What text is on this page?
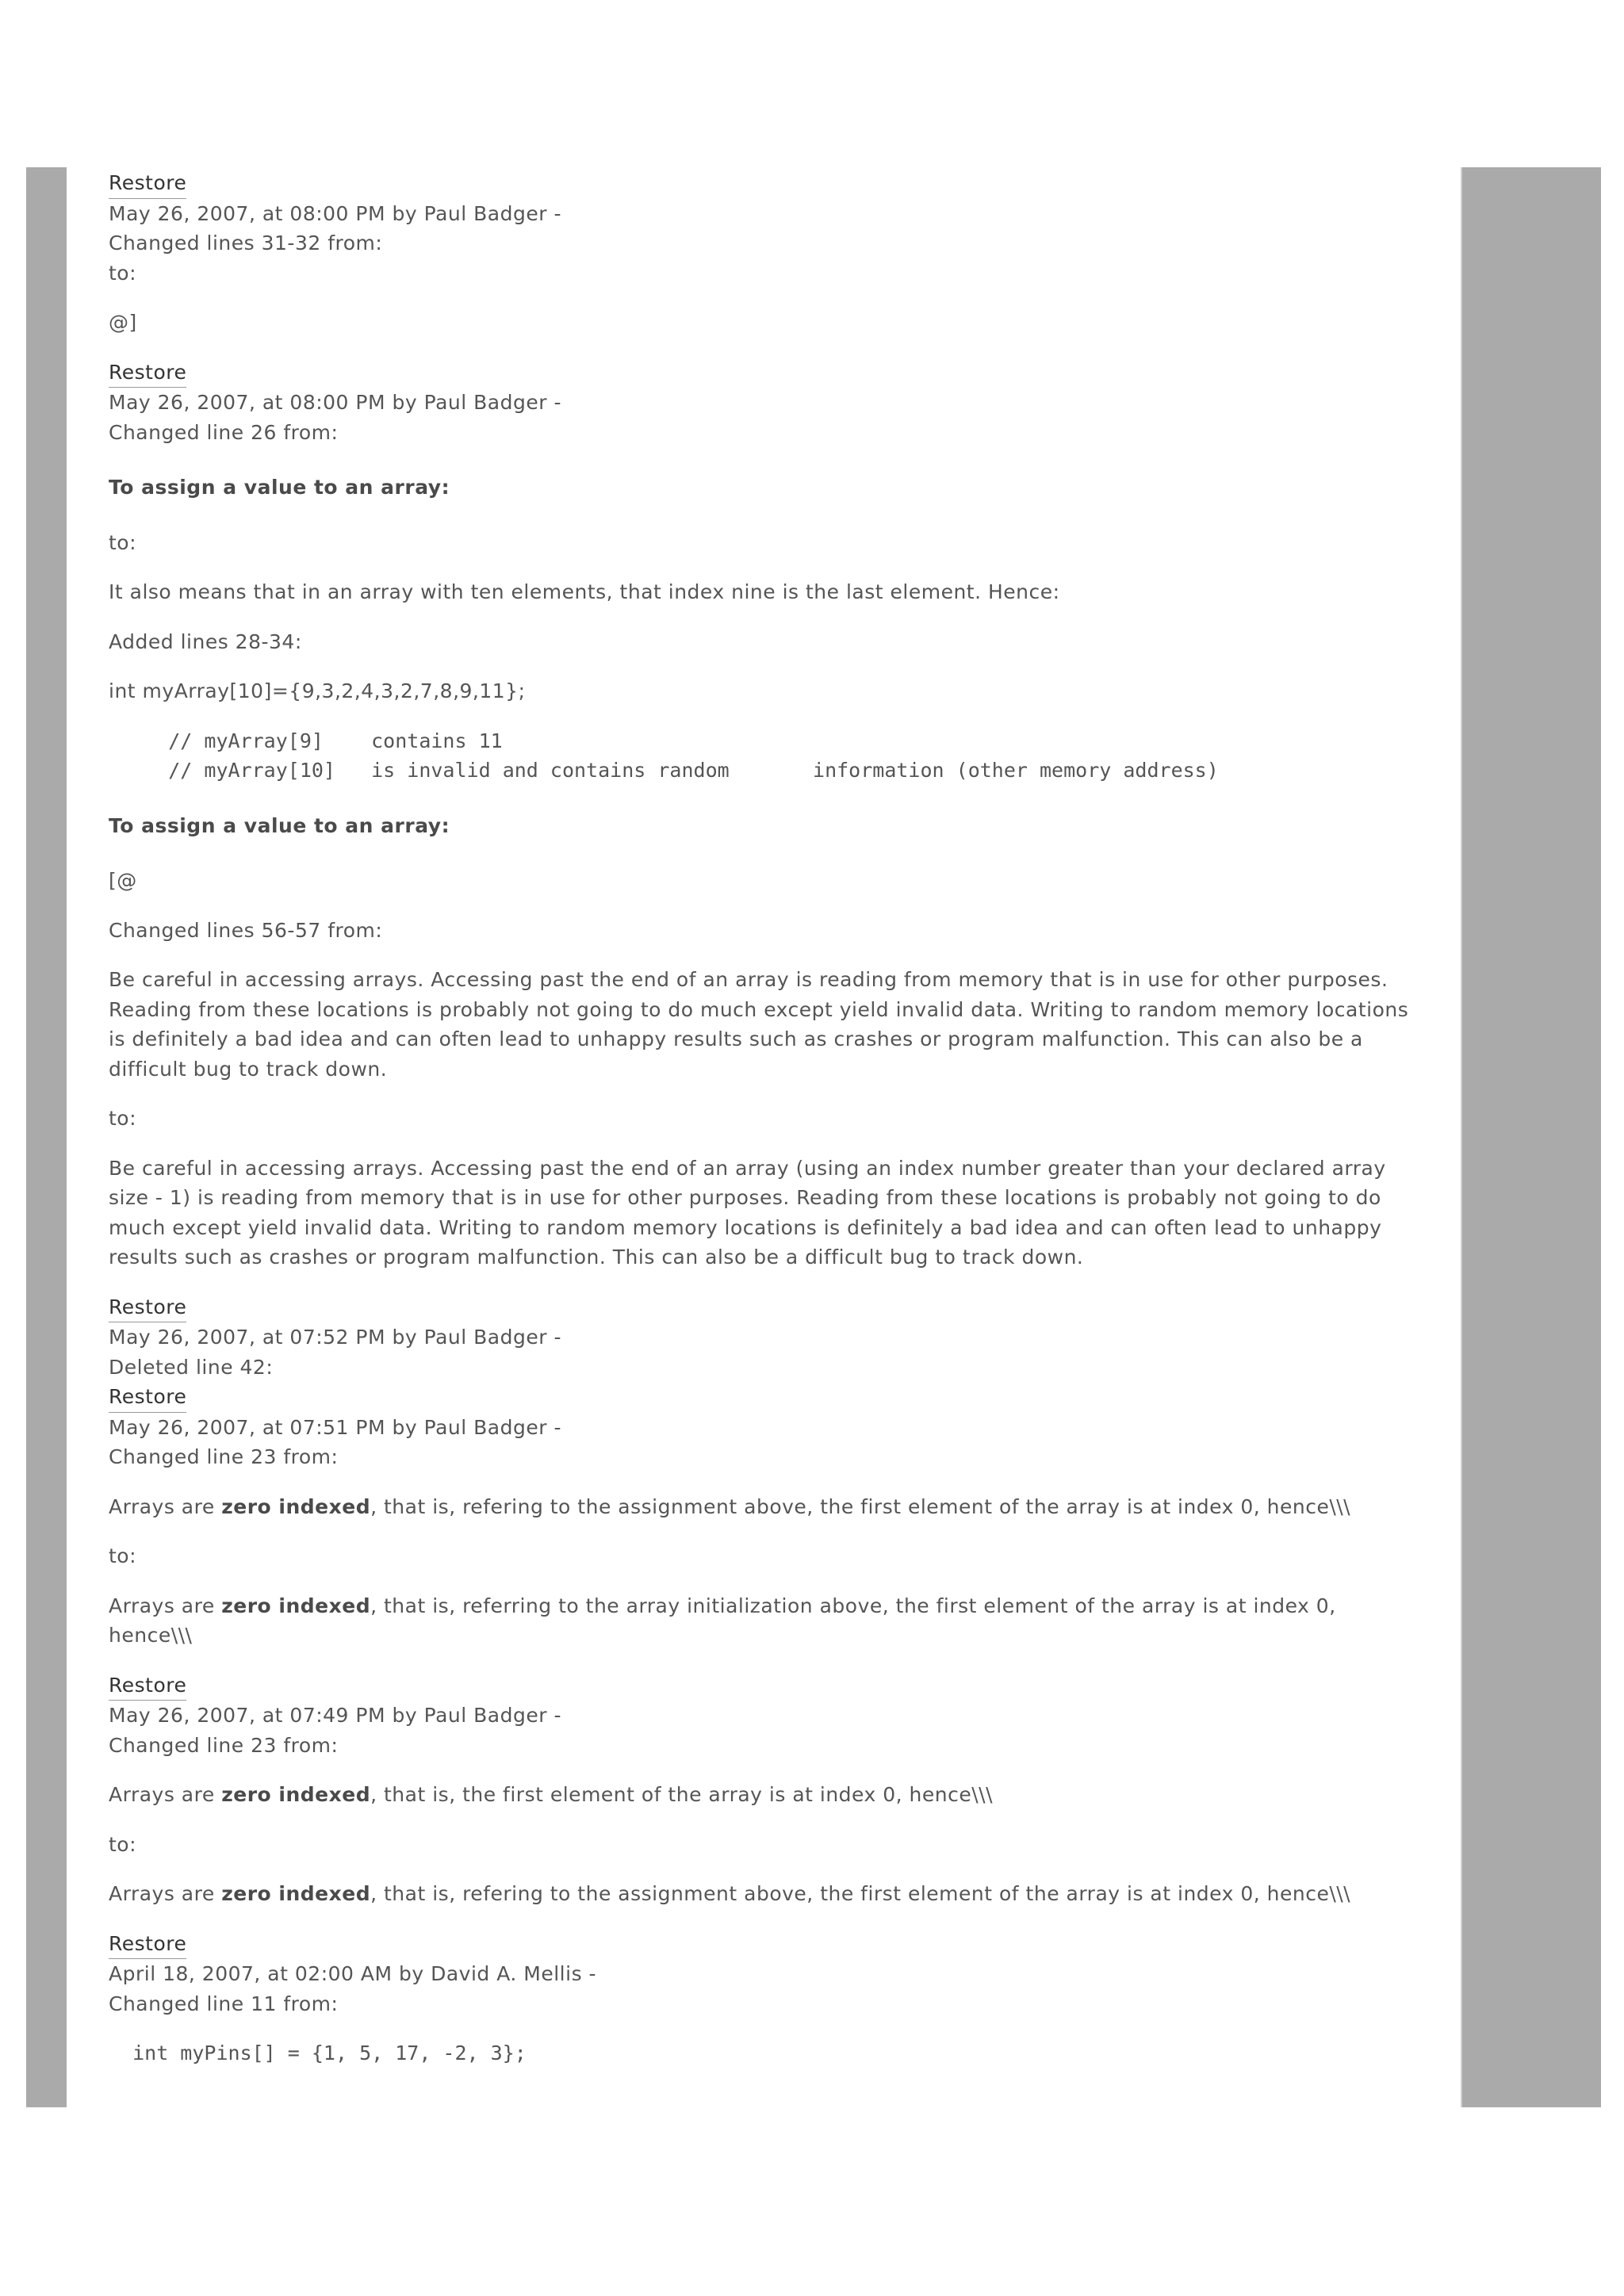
Restore
May 26, 2007, at 08:00 PM by Paul Badger -
Changed lines 31-32 from:
to:

@]

Restore
May 26, 2007, at 08:00 PM by Paul Badger -
Changed line 26 from:
To assign a value to an array:

to:

It also means that in an array with ten elements, that index nine is the last element. Hence:

Added lines 28-34:

int myArray[10]={9,3,2,4,3,2,7,8,9,11};

// myArray[9]    contains 11
// myArray[10]   is invalid and contains random       information (other memory address)
To assign a value to an array:

[@

Changed lines 56-57 from:

Be careful in accessing arrays. Accessing past the end of an array is reading from memory that is in use for other purposes. Reading from these locations is probably not going to do much except yield invalid data. Writing to random memory locations is definitely a bad idea and can often lead to unhappy results such as crashes or program malfunction. This can also be a difficult bug to track down.

to:

Be careful in accessing arrays. Accessing past the end of an array (using an index number greater than your declared array size - 1) is reading from memory that is in use for other purposes. Reading from these locations is probably not going to do much except yield invalid data. Writing to random memory locations is definitely a bad idea and can often lead to unhappy results such as crashes or program malfunction. This can also be a difficult bug to track down.

Restore
May 26, 2007, at 07:52 PM by Paul Badger -
Deleted line 42:
Restore
May 26, 2007, at 07:51 PM by Paul Badger -
Changed line 23 from:

Arrays are zero indexed, that is, refering to the assignment above, the first element of the array is at index 0, hence\\\

to:

Arrays are zero indexed, that is, referring to the array initialization above, the first element of the array is at index 0, hence\\\

Restore
May 26, 2007, at 07:49 PM by Paul Badger -
Changed line 23 from:

Arrays are zero indexed, that is, the first element of the array is at index 0, hence\\\

to:

Arrays are zero indexed, that is, refering to the assignment above, the first element of the array is at index 0, hence\\\

Restore
April 18, 2007, at 02:00 AM by David A. Mellis -
Changed line 11 from:
int myPins[] = {1, 5, 17, -2, 3};
